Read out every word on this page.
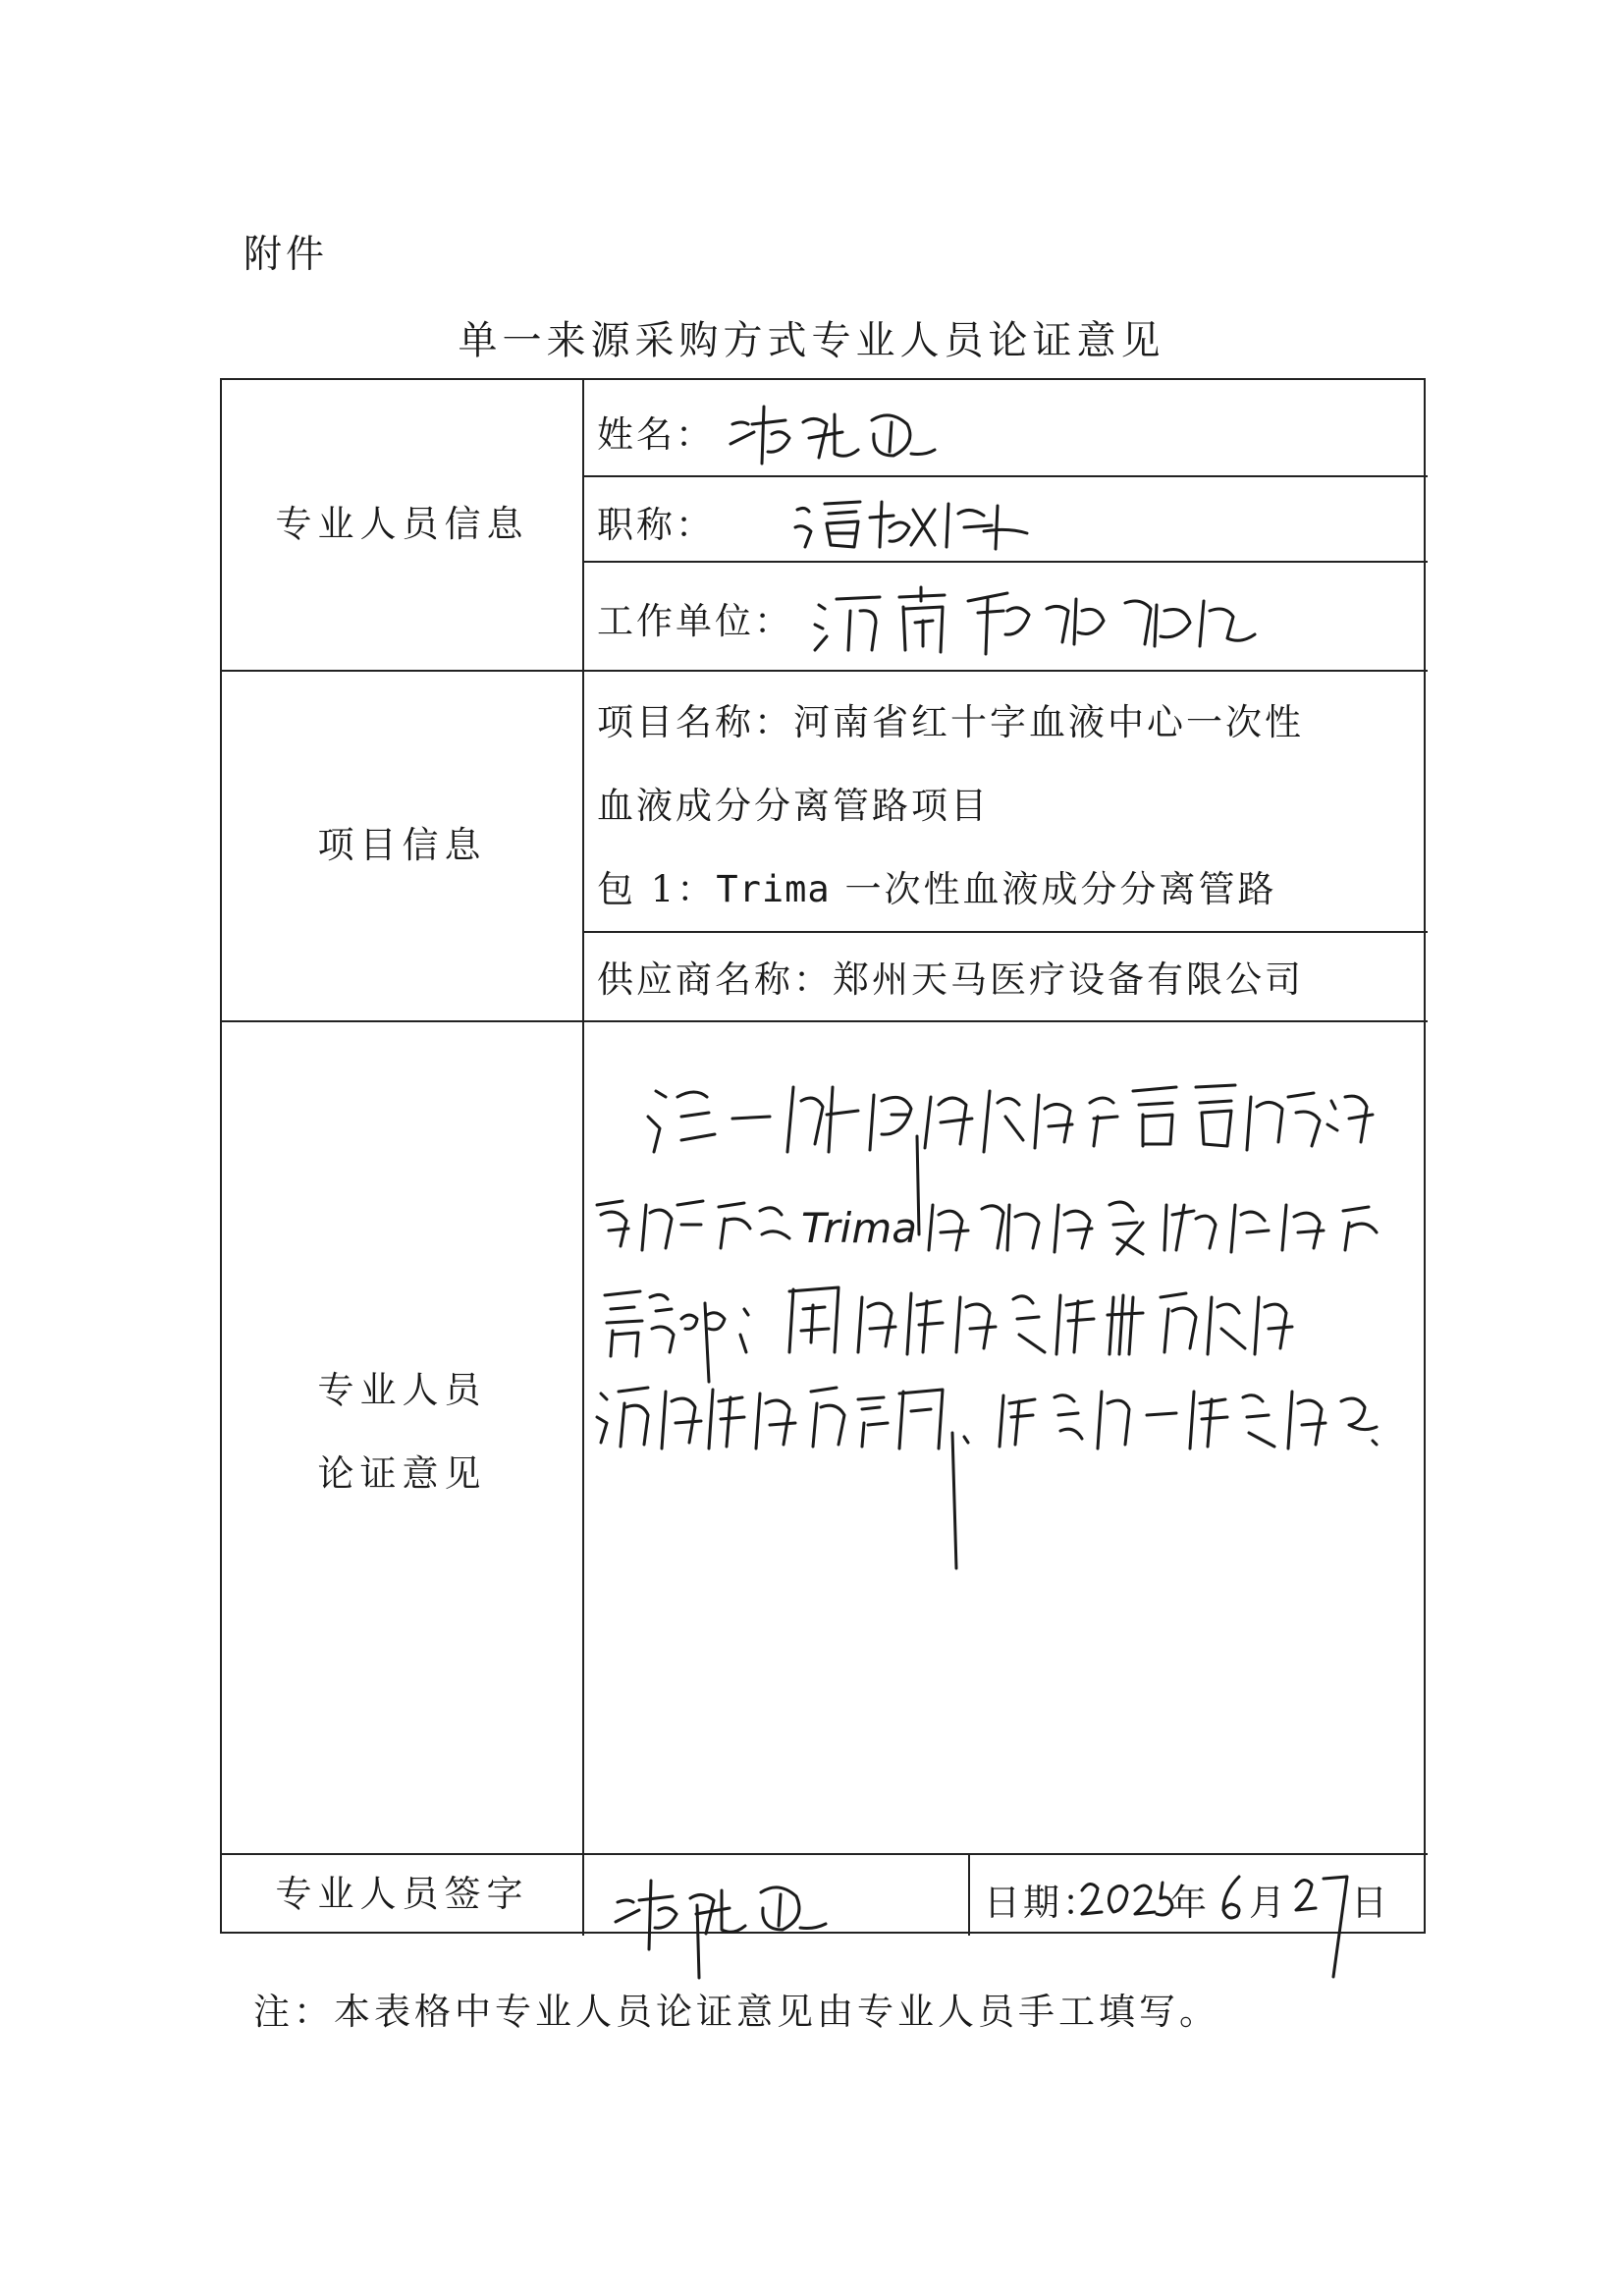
附件
单一来源采购方式专业人员论证意见
专业人员信息
姓名：
职称：
工作单位：
项目信息
项目名称：河南省红十字血液中心一次性
血液成分分离管路项目
包 1：Trima 一次性血液成分分离管路
供应商名称：郑州天马医疗设备有限公司
专业人员
论证意见
Trima
专业人员签字	日期： 年 月 日
注：本表格中专业人员论证意见由专业人员手工填写。
